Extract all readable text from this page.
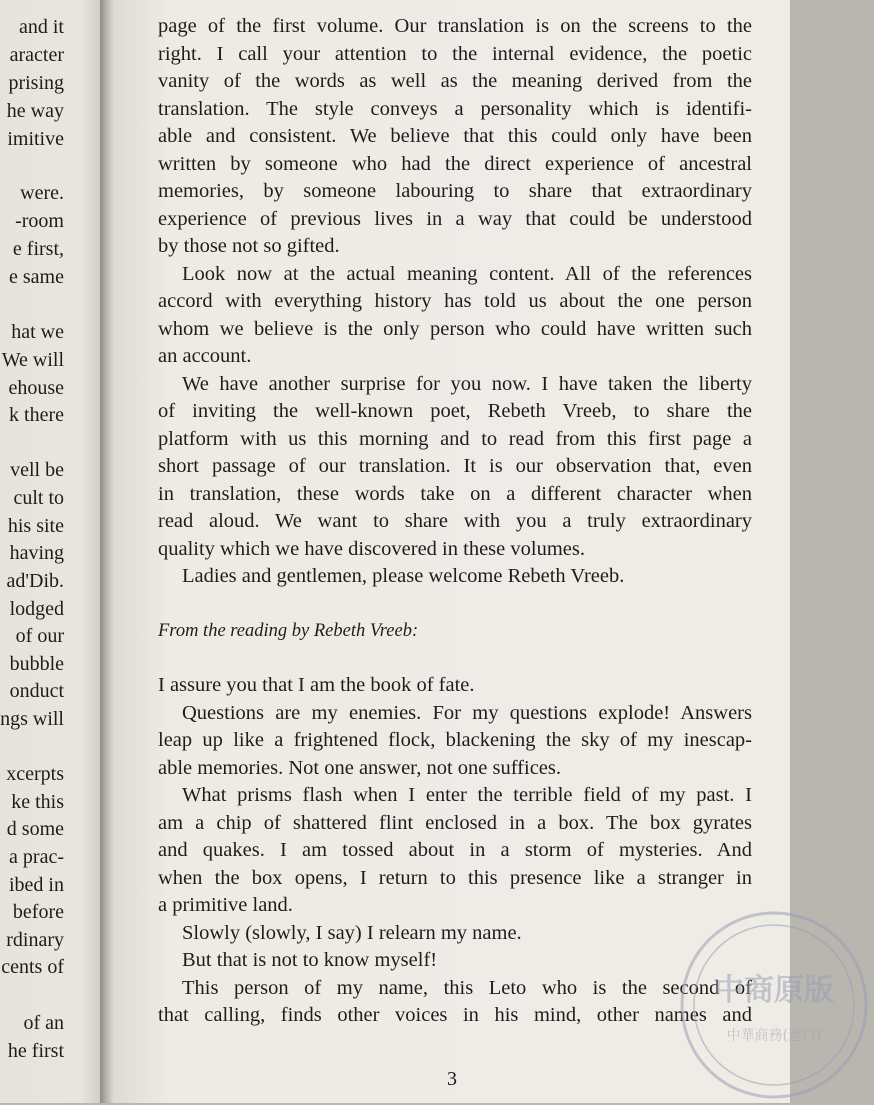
and it
aracter
prising
he way
imitive
were.
-room
e first,
e same
hat we
We will
ehouse
k there
vell be
cult to
his site
having
ad'Dib.
lodged
of our
bubble
onduct
ngs will
xcerpts
ke this
d some
a prac-
ibed in
before
rdinary
cents of
of an
he first
page of the first volume. Our translation is on the screens to the
right. I call your attention to the internal evidence, the poetic
vanity of the words as well as the meaning derived from the
translation. The style conveys a personality which is identifi-
able and consistent. We believe that this could only have been
written by someone who had the direct experience of ancestral
memories, by someone labouring to share that extraordinary
experience of previous lives in a way that could be understood
by those not so gifted.
Look now at the actual meaning content. All of the references
accord with everything history has told us about the one person
whom we believe is the only person who could have written such
an account.
We have another surprise for you now. I have taken the liberty
of inviting the well-known poet, Rebeth Vreeb, to share the
platform with us this morning and to read from this first page a
short passage of our translation. It is our observation that, even
in translation, these words take on a different character when
read aloud. We want to share with you a truly extraordinary
quality which we have discovered in these volumes.
Ladies and gentlemen, please welcome Rebeth Vreeb.
From the reading by Rebeth Vreeb:
I assure you that I am the book of fate.
Questions are my enemies. For my questions explode! Answers
leap up like a frightened flock, blackening the sky of my inescap-
able memories. Not one answer, not one suffices.
What prisms flash when I enter the terrible field of my past. I
am a chip of shattered flint enclosed in a box. The box gyrates
and quakes. I am tossed about in a storm of mysteries. And
when the box opens, I return to this presence like a stranger in
a primitive land.
Slowly (slowly, I say) I relearn my name.
But that is not to know myself!
This person of my name, this Leto who is the second of
that calling, finds other voices in his mind, other names and
3
中商原版
中華商務(進口)
